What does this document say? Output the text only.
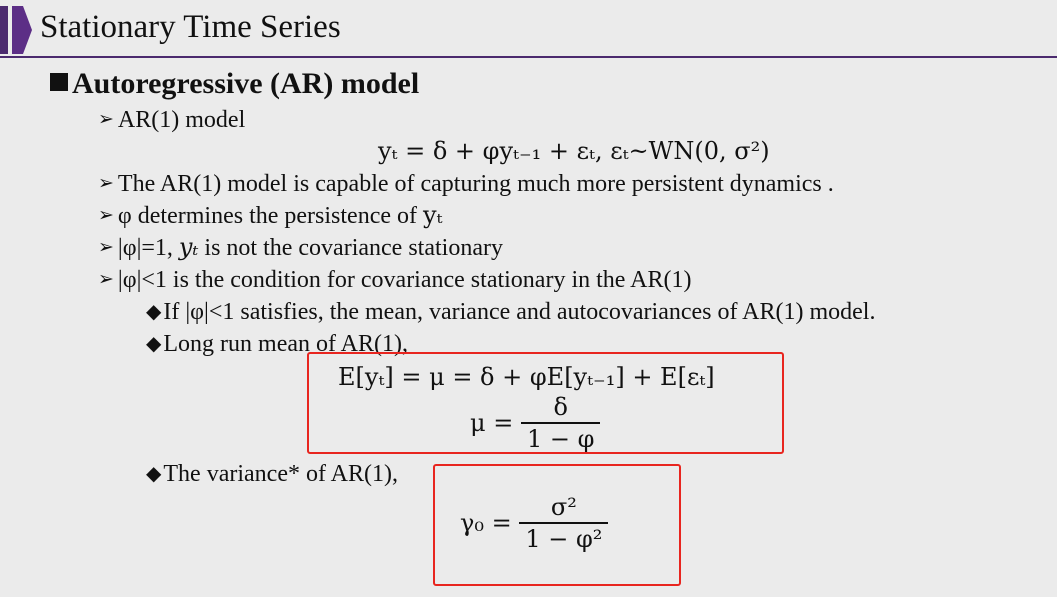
Stationary Time Series
Autoregressive (AR) model
➢ AR(1) model
yₜ = δ + φyₜ₋₁ + εₜ, εₜ~WN(0, σ²)
➢ The AR(1) model is capable of capturing much more persistent dynamics .
➢ φ determines the persistence of yₜ
➢ |φ|=1, yₜ is not the covariance stationary
➢ |φ|<1 is the condition for covariance stationary in the AR(1)
◆If |φ|<1 satisfies, the mean, variance and autocovariances of AR(1) model.
◆Long run mean of AR(1),
E[yₜ] = μ = δ + φE[yₜ₋₁] + E[εₜ]
$\mu = \frac{\delta}{1 - \varphi}$
◆The variance* of AR(1),
$\gamma_0 = \frac{\text{σ²}}{\text{1 − φ²}}$
